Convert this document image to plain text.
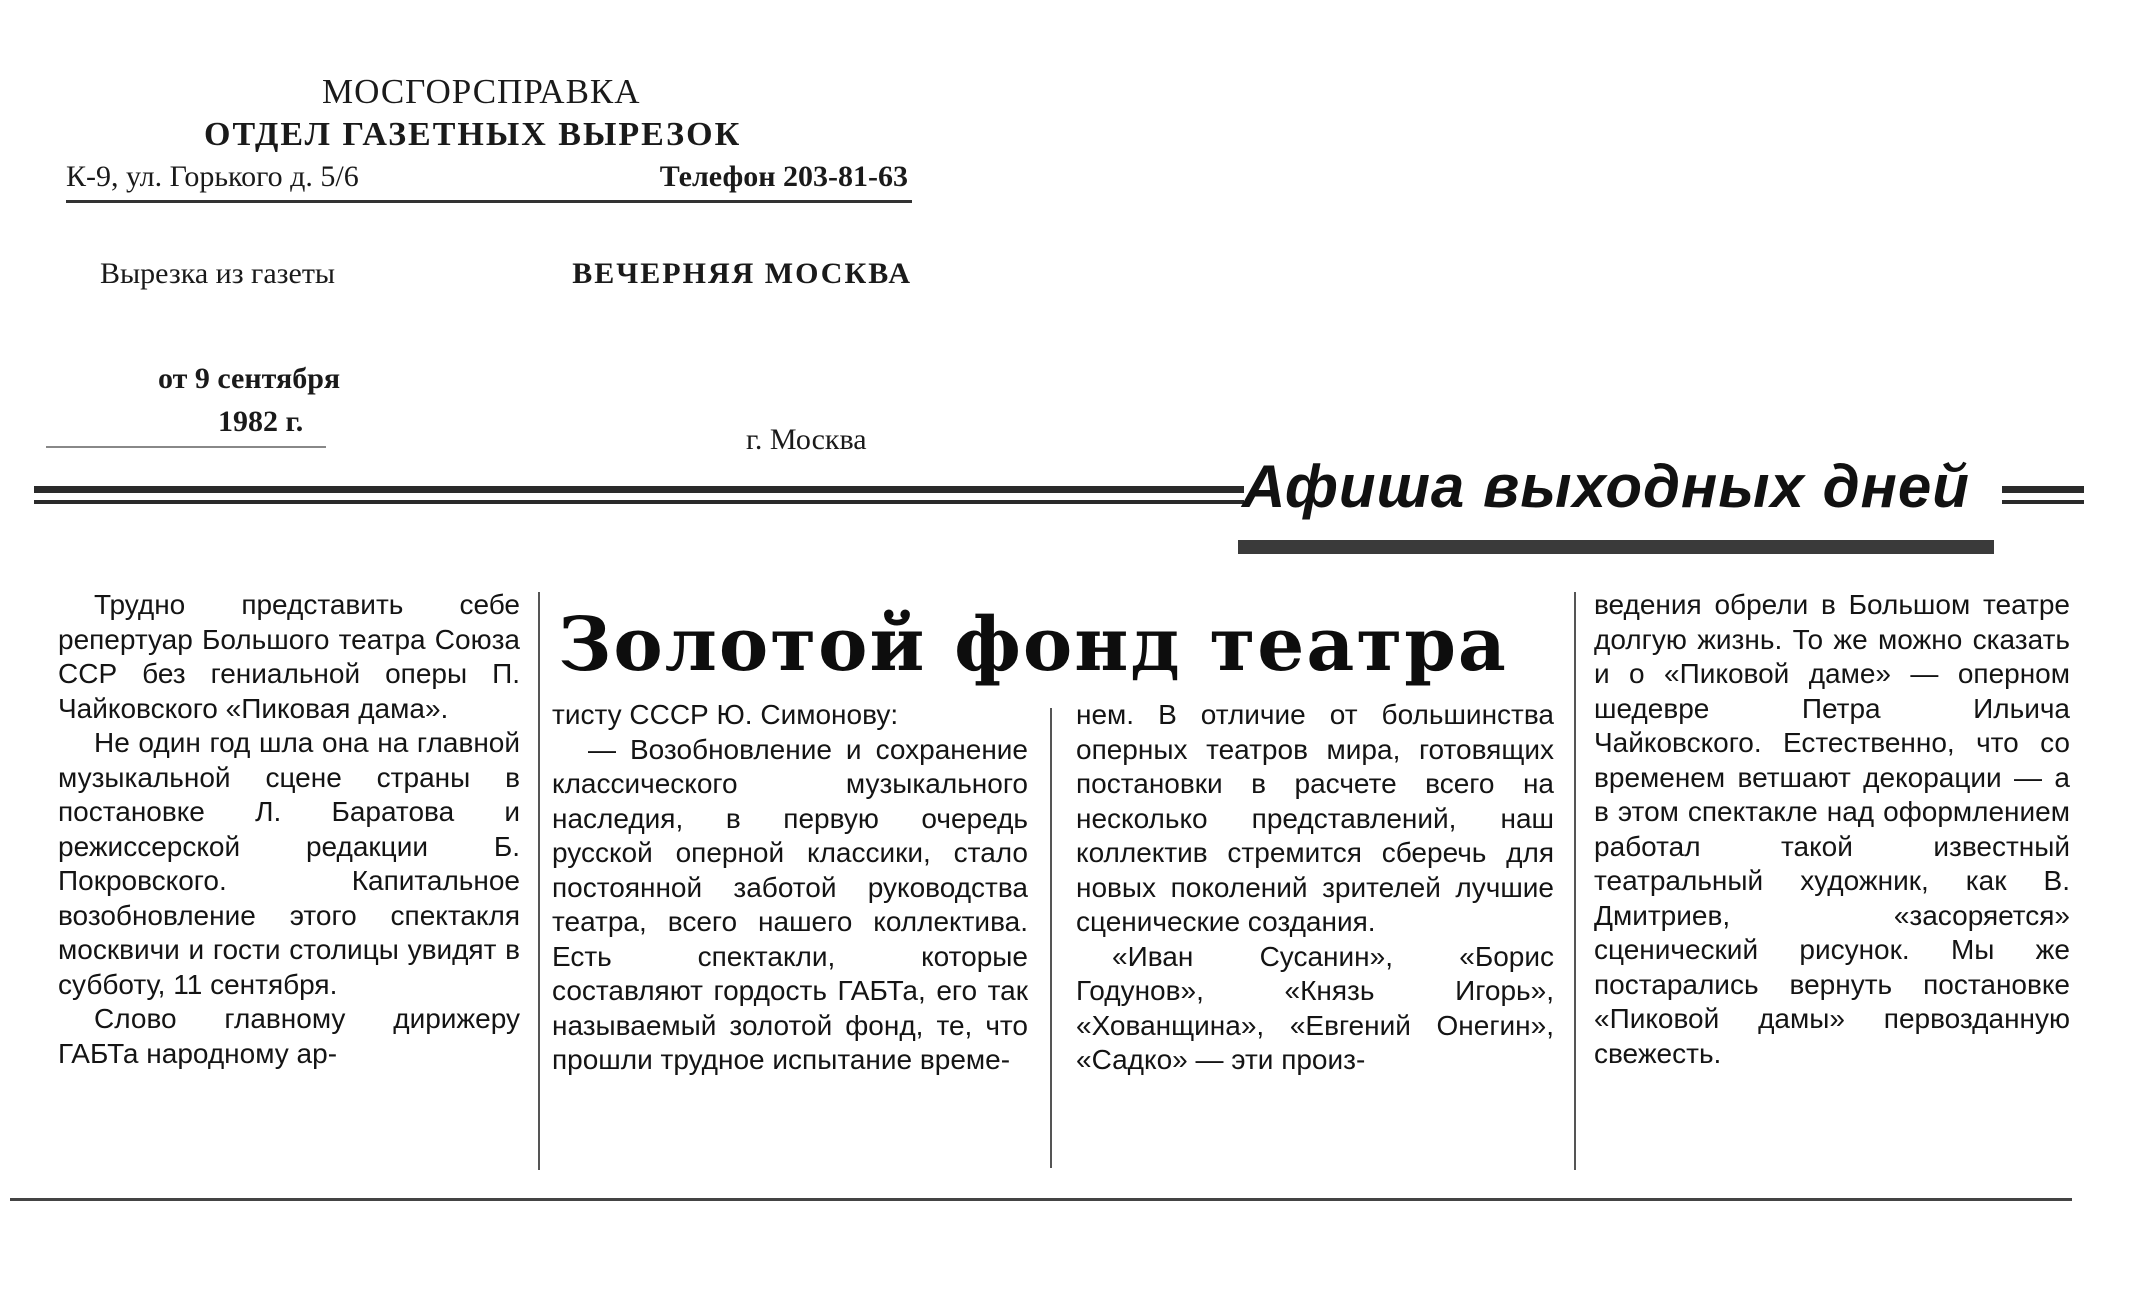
МОСГОРСПРАВКА
ОТДЕЛ ГАЗЕТНЫХ ВЫРЕЗОК
К-9, ул. Горького д. 5/6	Телефон 203-81-63
Вырезка из газеты	ВЕЧЕРНЯЯ МОСКВА
от 9 сентября
1982 г.
г. Москва
Афиша выходных дней
Золотой фонд театра

Трудно представить себе репертуар Большого театра Союза ССР без гениальной оперы П. Чайковского «Пиковая дама».

Не один год шла она на главной музыкальной сцене страны в постановке Л. Баратова и режиссерской редакции Б. Покровского. Капитальное возобновление этого спектакля москвичи и гости столицы увидят в субботу, 11 сентября.

Слово главному дирижеру ГАБТа народному ар-

тисту СССР Ю. Симонову:

— Возобновление и сохранение классического музыкального наследия, в первую очередь русской оперной классики, стало постоянной заботой руководства театра, всего нашего коллектива. Есть спектакли, которые составляют гордость ГАБТа, его так называемый золотой фонд, те, что прошли трудное испытание време-

нем. В отличие от большинства оперных театров мира, готовящих постановки в расчете всего на несколько представлений, наш коллектив стремится сберечь для новых поколений зрителей лучшие сценические создания.

«Иван Сусанин», «Борис Годунов», «Князь Игорь», «Хованщина», «Евгений Онегин», «Садко» — эти произ-

ведения обрели в Большом театре долгую жизнь. То же можно сказать и о «Пиковой даме» — оперном шедевре Петра Ильича Чайковского. Естественно, что со временем ветшают декорации — а в этом спектакле над оформлением работал такой известный театральный художник, как В. Дмитриев, «засоряется» сценический рисунок. Мы же постарались вернуть постановке «Пиковой дамы» первозданную свежесть.
